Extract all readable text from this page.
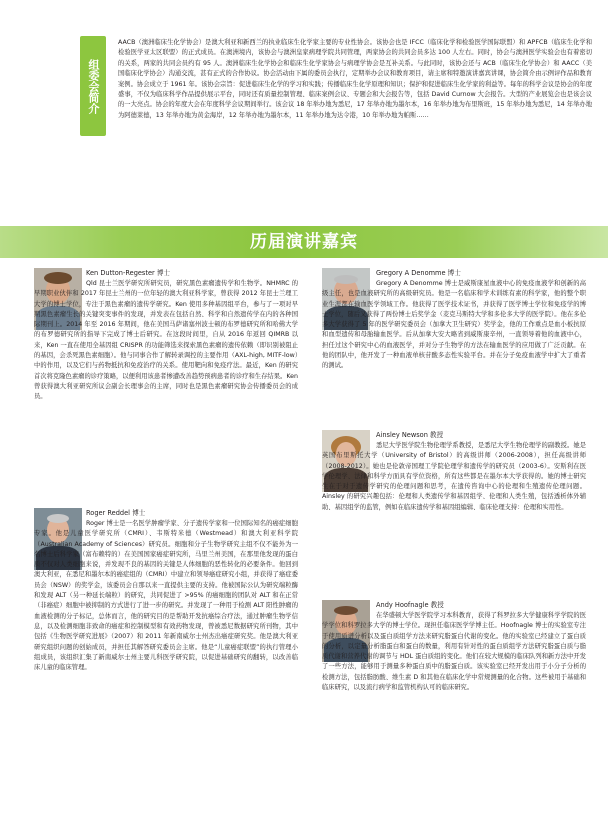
组委会简介
AACB（澳洲临床生化学协会）是澳大利亚和新西兰的执业临床生化学家主要的专业性协会。该协会也是 IFCC（临床化学和检验医学国际联盟）和 APFCB（临床生化学和检验医学亚太区联盟）的正式成员。在澳洲境内，该协会与澳洲皇家病理学院共同管理，两家协会的共同会员多达 100 人左右。同时，协会与澳洲医学实验会也有着密切的关系，两家的共同会员约有 95 人。澳洲临床生化学协会和临床生化学家协会与病理学协会是互补关系。与此同时，该协会还与 ACB（临床生化学协会）和 AACC（美国临床化学协会）沟通交流，甚有正式的合作协议。协会活动由下属的委员会执行，定期举办会议和教育项目，请主席和特邀演讲嘉宾讲课，协会简介由示例评作品和教育案例。协会成立于 1961 年。该协会宗旨：促进临床生化学的学习和实践；传播临床生化学原理和知识；保护和促进临床生化学家的利益等。每年的科学会议是协会的年度盛事，不仅为临床科学作品提供展示平台，同时还有质量控制管理、临床案例会议、专题会和大会报告等，包括 David Curnow 大会报告。大型的产业展览会也是该会议的一大亮点。协会的年度大会在年度科学会议期间举行。该会议 18 年举办地为悉尼，17 年举办地为墨尔本，16 年举办地为布里斯班，15 年举办地为悉尼，14 年举办地为阿德莱德，13 年举办地为黄金海岸，12 年举办地为墨尔本，11 年举办地为达令港，10 年举办地为帕斯……
历届演讲嘉宾
Ken Dutton-Regester 博士
Qld 昆士兰医学研究所研究员，研究黑色素瘤遗传学和生物学。NHMRC 的早期职业伙伴和 2017 年昆士兰州的一位年轻的澳大利亚科学家，曾获得 2012 年昆士兰理工大学的博士学位，专注于黑色素瘤的遗传学研究。Ken 使用多种基因组平台，参与了一项对早期黑色素瘤生长的关键突变事件的发现，并发表在包括自然、科学和自然遗传学在内的各种国际期刊上。2014 年至 2016 年期间，他在美国马萨诸塞州波士顿的布罗德研究所和哈佛大学的布罗德研究所的指导下完成了博士后研究。在这段时间里，自从 2016 年返回 QIMRB 以来，Ken 一直在使用全基因组 CRISPR 的功能筛选来探索黑色素瘤的遗传依赖（即识别被阻止的基因，会杀死黑色素细胞）。他与同事合作了解转录调控的主要作用（AXL-high, MITF-low）中的作用，以及它们与药物抵抗和免疫治疗的关系。使用靶向和免疫疗法。最近，Ken 的研究首次将克隆色素瘤的诊疗策略，以便利用该患者惨遭改善趋势预病患者的诊疗和生存结果。Ken 曾获得澳大利亚研究所议会副会长理事会的主席，同时也是黑色素瘤研究协会传播委员会的成员。
Roger Reddel 博士
Roger 博士是一名医学肿瘤学家、分子遗传学家和一位国际知名的癌症细胞专家。他是儿童医学研究所（CMRI）、韦斯特米德（Westmead）和澳大利亚科学院（Australian Academy of Sciences）研究员。细胞和分子生物学研究主组不仅不能外为一名博士后科学家（富布赖特的）在美国国家癌症研究所，马里兰州美国，在那里他发现的蛋白质不仅对人类细胞来说，并发现不良的基因的关键是人体细胞的恶性转化的必要条件。他回到澳大利亚，在悉尼和墨尔本的癌症组的（CMRI）中建立和领导癌症研究小组，并获得了癌症委员会（NSW）的奖学金，该委员会自那以来一直提供主要的支持。他被国际公认为研究端粒酶和发现 ALT（另一种延长端粒）的研究，共同促进了 >95% 的癌细胞的团队对 ALT 和在正常（非癌症）细胞中被抑制的方式进行了进一步的研究。并发现了一种用于检测 ALT 阳性肿瘤的血液检测的分子标记，总体而言，他的研究目的是帮助开发抗癌综合疗法，通过肿瘤生物学信息，以及检测细胞非致命的癌症和控制模型和有效药物发现，曾被悉尼数据研究所刊物，其中包括《生物医学研究进展》（2007）和 2011 年新南威尔士州杰出癌症研究奖。他是澳大利亚研究组织问题的创始成员，并担任其解答研究委员会主席。他是“儿童癌症联盟”的执行管理小组成员，该组织汇集了新南威尔士州主要儿科医学研究院，以促进基础研究的翻转，以改善临床儿童的临床管理。
Gregory A Denomme 博士
Gregory A Denomme 博士是威斯康星血液中心的免疫血液学和创新的高级主任，也是血液研究所的高级研究员。他是一名临床和学术训练有素的科学家，他的整个职业生涯都在输血医学领域工作。他获得了医学技术证书，并获得了医学博士学位和免疫学的博士学位，随后又获得了两份博士后奖学金（麦克马斯特大学和多伦多大学的医学院）。他在多伦多大学获得了 5 年的医学研究委员会（加拿大卫生研究）奖学金，他的工作重点是血小板抗原和血型遗传和母胎输血医学。后从加拿大安大略省到威斯康辛州，一直领导着他的血液中心，担任过这个研究中心的血液医学，并对分子生物学的方法在输血医学的应用做了广泛贡献。在他的团队中，他开发了一种血液单核苷酸多态性实验平台。并在分子免疫血液学中扩大了重者的测试。
Ainsley Newson 教授
悉尼大学医学院生物伦理学系教授，是悉尼大学生物伦理学的副教授。她是英国布里斯托大学（University of Bristol）的高级讲师（2006-2008），担任高级讲师（2008-2012）。她也是伦敦帝国理工学院伦理学和遗传学的研究员（2003-6）。安斯利在医学伦理学、法律和科学方面具有学位资格，所有这些都是在墨尔本大学获得的。她的博士研究生在于对于遗传学研究的伦理问题和思考，在遗传咨询中心的伦理和生殖遗传伦理问题。Ainsley 的研究兴趣包括：伦理和人类遗传学和基因组学、伦理和人类生殖，包括透析体外辅助、基因组学的监管，例如在临床遗传学和基因组编辑、临床伦理支持：伦理和实用性。
Andy Hoofnagle 教授
在华盛顿大学医学院学习本科教育，获得了科罗拉多大学健康科学学院的医学学位和科罗拉多大学的博士学位。现担任临床医学学博主任。Hoofnagle 博士的实验室专注于使用质谱分析以及蛋白质组学方法来研究脂蛋白代谢的变化。他的实验室已经建立了蛋白质的分析，以定量分析脂蛋白和蛋白的数量，利用有针对性的蛋白质组学方法研究脂蛋白质与脂质代谢和营养代谢的调节与 HDL 蛋白质组的变化。他们在较大规模的临床队列和新方法中开发了一些方法，能够用于测量多种蛋白质中的脂蛋白质。该实验室已经开发出用于小分子分析的检测方法，包括脂肪酸、维生素 D 和其他在临床化学中常规测量的化合物。这些被用于基础和临床研究，以及流行病学和监管机构认可的临床研究。
